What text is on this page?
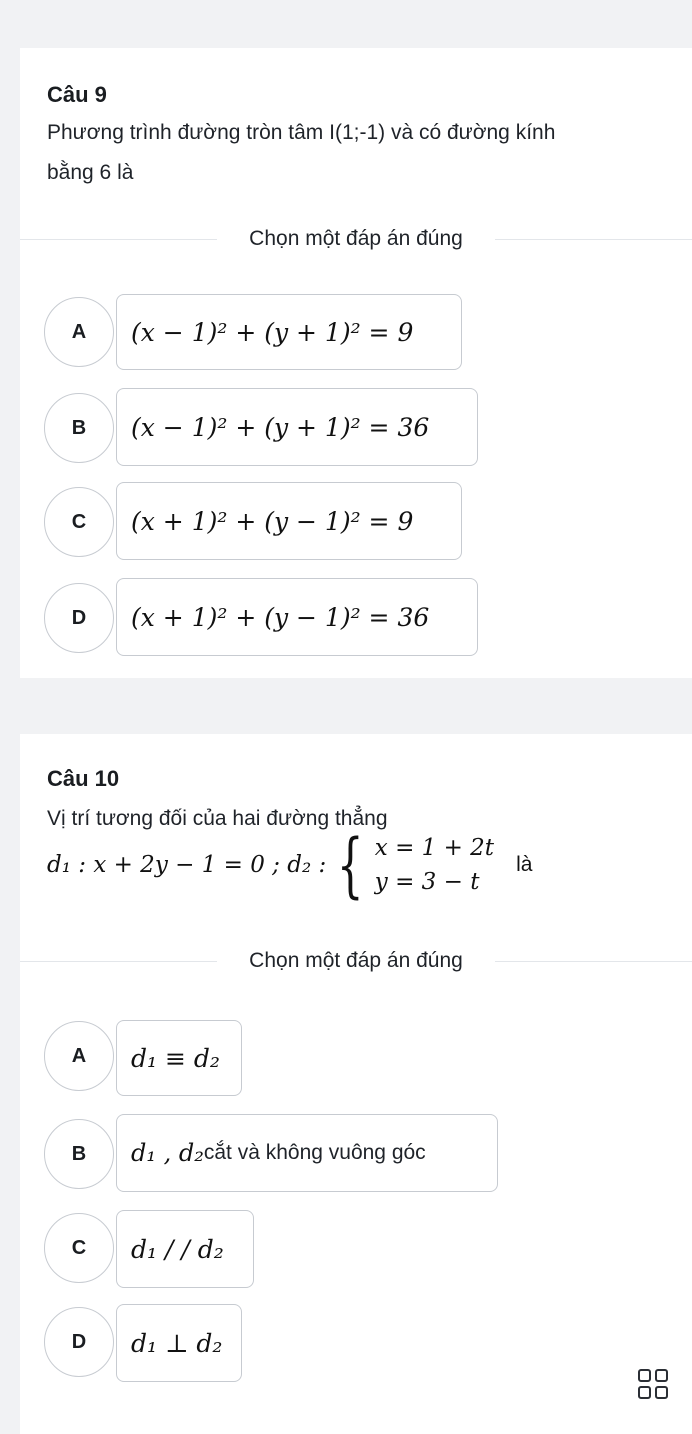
Câu 9
Phương trình đường tròn tâm I(1;-1) và có đường kính
bằng 6 là
Chọn một đáp án đúng
A	(x − 1)² + (y + 1)² = 9
B	(x − 1)² + (y + 1)² = 36
C	(x + 1)² + (y − 1)² = 9
D	(x + 1)² + (y − 1)² = 36
Câu 10
Vị trí tương đối của hai đường thẳng
d₁ : x + 2y − 1 = 0 ; d₂ : { x = 1 + 2t
y = 3 − t
là
Chọn một đáp án đúng
A	d₁ ≡ d₂
B	d₁ , d₂ cắt và không vuông góc
C	d₁ / / d₂
D	d₁ ⊥ d₂
